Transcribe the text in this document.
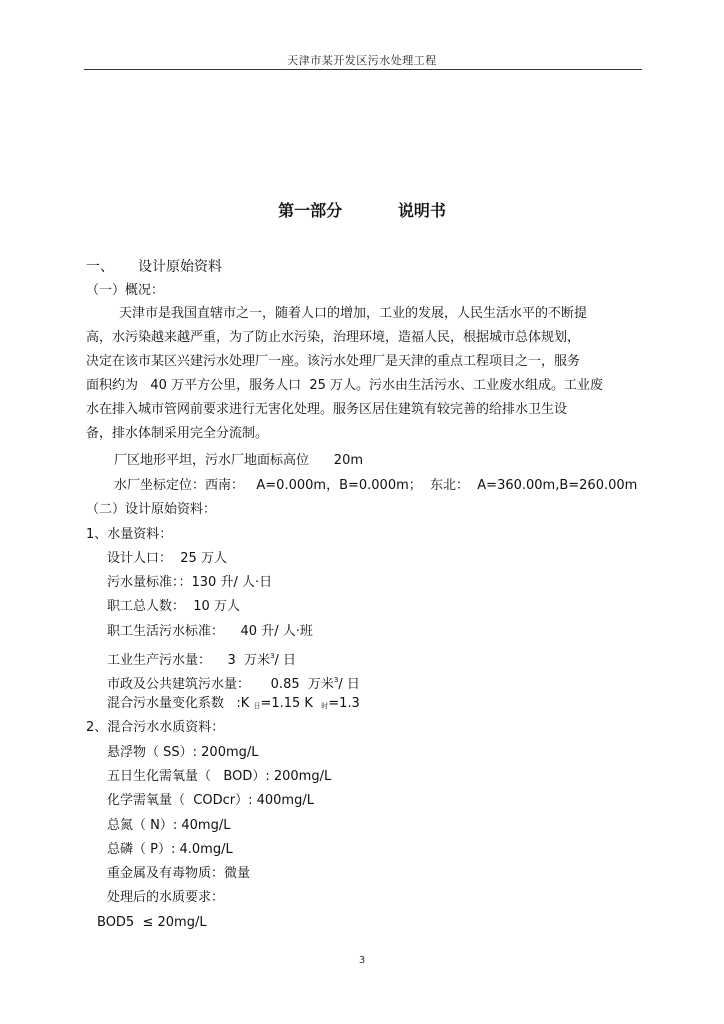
天津市某开发区污水处理工程
第一部分          说明书
一、 设计原始资料
（一）概况：

天津市是我国直辖市之一，随着人口的增加，工业的发展，人民生活水平的不断提

高，水污染越来越严重，为了防止水污染，治理环境，造福人民，根据城市总体规划，

决定在该市某区兴建污水处理厂一座。该污水处理厂是天津的重点工程项目之一，服务

面积约为   40 万平方公里，服务人口  25 万人。污水由生活污水、工业废水组成。工业废

水在排入城市管网前要求进行无害化处理。服务区居住建筑有较完善的给排水卫生设

备，排水体制采用完全分流制。

厂区地形平坦，污水厂地面标高位      20m
水厂坐标定位：西南：   A=0.000m，B=0.000m；  东北：  A=360.00m,B=260.00m
（二）设计原始资料：
1、水量资料：
设计人口：  25 万人
污水量标准：：130 升/ 人·日
职工总人数：  10 万人
职工生活污水标准：    40 升/ 人·班
工业生产污水量：    3  万米$^3$/ 日
市政及公共建筑污水量：     0.85  万米$^3$/ 日
混合污水量变化系数   :K $_日$=1.15 K  $_时$=1.3
2、混合污水水质资料：
悬浮物（ SS）: 200mg/L
五日生化需氧量（   BOD）: 200mg/L
化学需氧量（  CODcr）: 400mg/L
总氮（ N）: 40mg/L
总磷（ P）: 4.0mg/L
重金属及有毒物质：微量
处理后的水质要求：
BOD5  ≤ 20mg/L
3
